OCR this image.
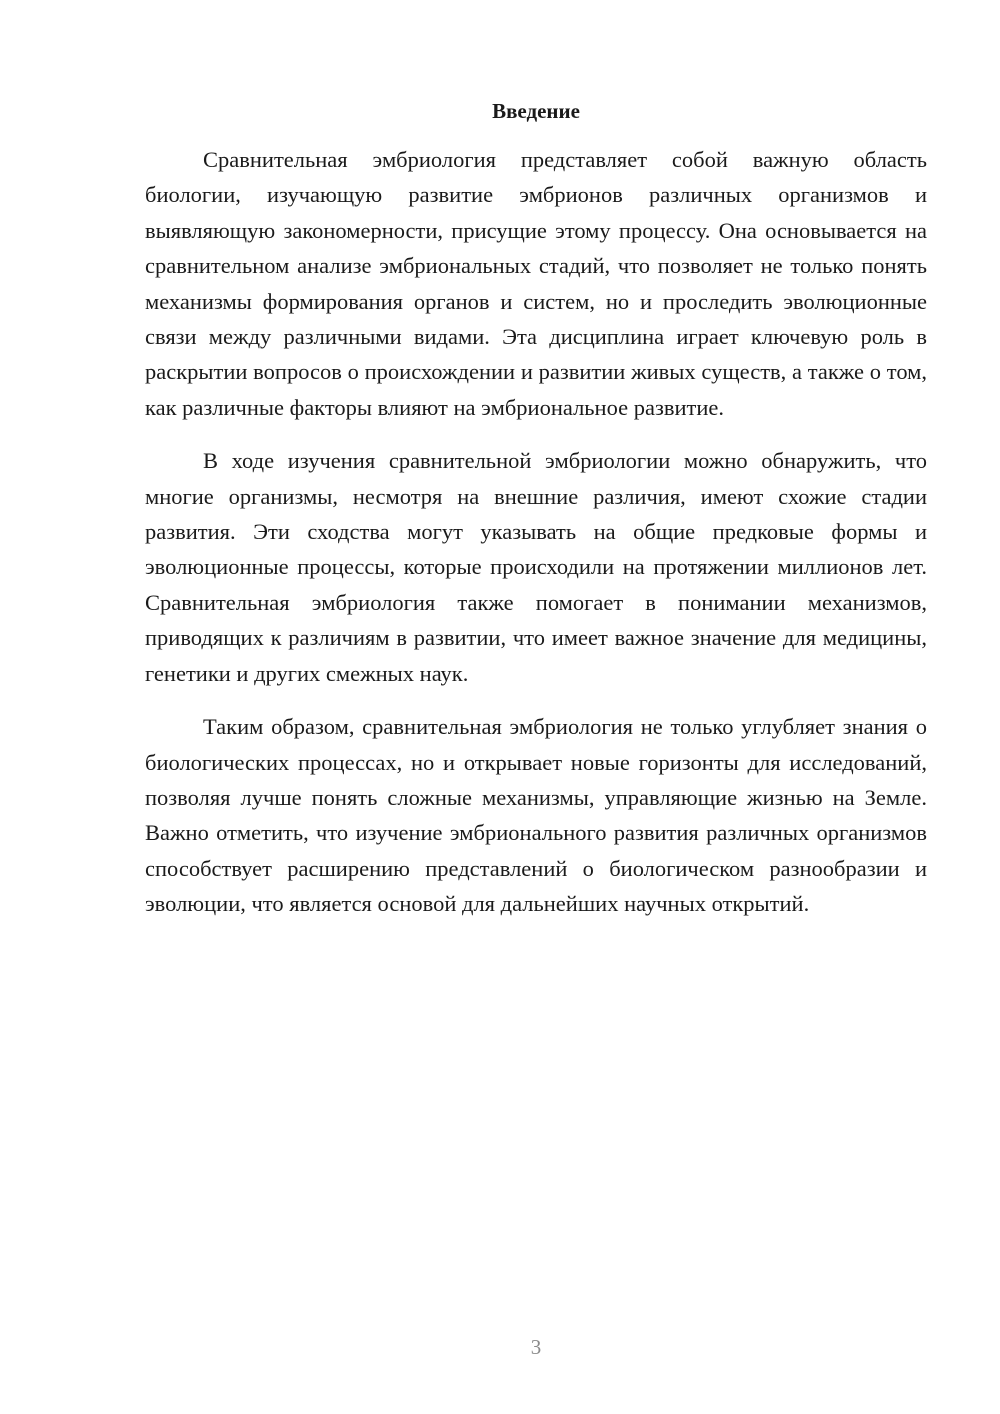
Введение

Сравнительная эмбриология представляет собой важную область биологии, изучающую развитие эмбрионов различных организмов и выявляющую закономерности, присущие этому процессу. Она основывается на сравнительном анализе эмбриональных стадий, что позволяет не только понять механизмы формирования органов и систем, но и проследить эволюционные связи между различными видами. Эта дисциплина играет ключевую роль в раскрытии вопросов о происхождении и развитии живых существ, а также о том, как различные факторы влияют на эмбриональное развитие.

В ходе изучения сравнительной эмбриологии можно обнаружить, что многие организмы, несмотря на внешние различия, имеют схожие стадии развития. Эти сходства могут указывать на общие предковые формы и эволюционные процессы, которые происходили на протяжении миллионов лет. Сравнительная эмбриология также помогает в понимании механизмов, приводящих к различиям в развитии, что имеет важное значение для медицины, генетики и других смежных наук.

Таким образом, сравнительная эмбриология не только углубляет знания о биологических процессах, но и открывает новые горизонты для исследований, позволяя лучше понять сложные механизмы, управляющие жизнью на Земле. Важно отметить, что изучение эмбрионального развития различных организмов способствует расширению представлений о биологическом разнообразии и эволюции, что является основой для дальнейших научных открытий.

3
